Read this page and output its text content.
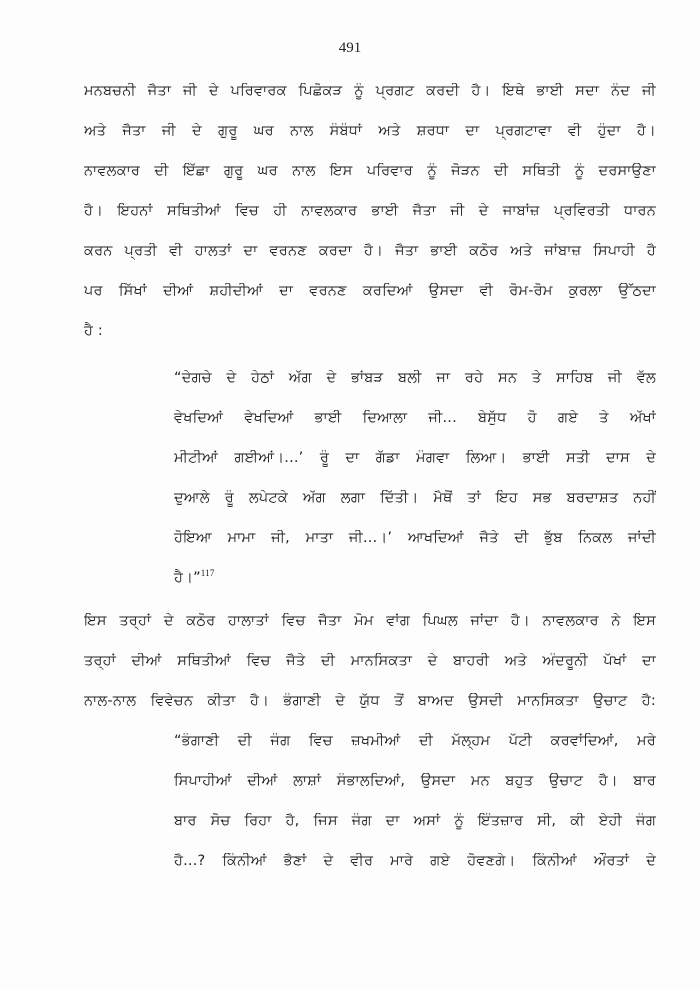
491
ਮਨਬਚਨੀ ਜੈਤਾ ਜੀ ਦੇ ਪਰਿਵਾਰਕ ਪਿਛੋਕੜ ਨੂੰ ਪ੍ਰਗਟ ਕਰਦੀ ਹੈ। ਇਥੇ ਭਾਈ ਸਦਾ ਨੰਦ ਜੀ
ਅਤੇ ਜੈਤਾ ਜੀ ਦੇ ਗੁਰੂ ਘਰ ਨਾਲ ਸੰਬੰਧਾਂ ਅਤੇ ਸ਼ਰਧਾ ਦਾ ਪ੍ਰਗਟਾਵਾ ਵੀ ਹੁੰਦਾ ਹੈ।
ਨਾਵਲਕਾਰ ਦੀ ਇੱਛਾ ਗੁਰੂ ਘਰ ਨਾਲ ਇਸ ਪਰਿਵਾਰ ਨੂੰ ਜੋੜਨ ਦੀ ਸਥਿਤੀ ਨੂੰ ਦਰਸਾਉਣਾ
ਹੈ। ਇਹਨਾਂ ਸਥਿਤੀਆਂ ਵਿਚ ਹੀ ਨਾਵਲਕਾਰ ਭਾਈ ਜੈਤਾ ਜੀ ਦੇ ਜਾਬਾਂਜ਼ ਪ੍ਰਵਿਰਤੀ ਧਾਰਨ
ਕਰਨ ਪ੍ਰਤੀ ਵੀ ਹਾਲਤਾਂ ਦਾ ਵਰਨਣ ਕਰਦਾ ਹੈ। ਜੈਤਾ ਭਾਈ ਕਠੋਰ ਅਤੇ ਜਾਂਬਾਜ਼ ਸਿਪਾਹੀ ਹੈ
ਪਰ ਸਿੱਖਾਂ ਦੀਆਂ ਸ਼ਹੀਦੀਆਂ ਦਾ ਵਰਨਣ ਕਰਦਿਆਂ ਉਸਦਾ ਵੀ ਰੋਮ-ਰੋਮ ਕੁਰਲਾ ਉੱਠਦਾ
ਹੈ :
“ਦੇਗਚੇ ਦੇ ਹੇਠਾਂ ਅੱਗ ਦੇ ਭਾਂਬੜ ਬਲੀ ਜਾ ਰਹੇ ਸਨ ਤੇ ਸਾਹਿਬ ਜੀ ਵੱਲ
ਵੇਖਦਿਆਂ ਵੇਖਦਿਆਂ ਭਾਈ ਦਿਆਲਾ ਜੀ... ਬੇਸੁੱਧ ਹੋ ਗਏ ਤੇ ਅੱਖਾਂ
ਮੀਟੀਆਂ ਗਈਆਂ।...’ ਰੂੰ ਦਾ ਗੱਡਾ ਮੰਗਵਾ ਲਿਆ। ਭਾਈ ਸਤੀ ਦਾਸ ਦੇ
ਦੁਆਲੇ ਰੂੰ ਲਪੇਟਕੇ ਅੱਗ ਲਗਾ ਦਿੱਤੀ। ਮੈਥੋਂ ਤਾਂ ਇਹ ਸਭ ਬਰਦਾਸ਼ਤ ਨਹੀਂ
ਹੋਇਆ ਮਾਮਾ ਜੀ, ਮਾਤਾ ਜੀ...।’ ਆਖਦਿਆਂ ਜੈਤੇ ਦੀ ਭੁੱਬ ਨਿਕਲ ਜਾਂਦੀ
ਹੈ।”$^{117}$
ਇਸ ਤਰ੍ਹਾਂ ਦੇ ਕਠੋਰ ਹਾਲਾਤਾਂ ਵਿਚ ਜੈਤਾ ਮੋਮ ਵਾਂਗ ਪਿਘਲ ਜਾਂਦਾ ਹੈ। ਨਾਵਲਕਾਰ ਨੇ ਇਸ
ਤਰ੍ਹਾਂ ਦੀਆਂ ਸਥਿਤੀਆਂ ਵਿਚ ਜੈਤੇ ਦੀ ਮਾਨਸਿਕਤਾ ਦੇ ਬਾਹਰੀ ਅਤੇ ਅੰਦਰੂਨੀ ਪੱਖਾਂ ਦਾ
ਨਾਲ-ਨਾਲ ਵਿਵੇਚਨ ਕੀਤਾ ਹੈ। ਭੰਗਾਣੀ ਦੇ ਯੁੱਧ ਤੋਂ ਬਾਅਦ ਉਸਦੀ ਮਾਨਸਿਕਤਾ ਉਚਾਟ ਹੈ:
“ਭੰਗਾਣੀ ਦੀ ਜੰਗ ਵਿਚ ਜ਼ਖਮੀਆਂ ਦੀ ਮੱਲ੍ਹਮ ਪੱਟੀ ਕਰਵਾਂਦਿਆਂ, ਮਰੇ
ਸਿਪਾਹੀਆਂ ਦੀਆਂ ਲਾਸ਼ਾਂ ਸੰਭਾਲਦਿਆਂ, ਉਸਦਾ ਮਨ ਬਹੁਤ ਉਚਾਟ ਹੈ। ਬਾਰ
ਬਾਰ ਸੋਚ ਰਿਹਾ ਹੈ, ਜਿਸ ਜੰਗ ਦਾ ਅਸਾਂ ਨੂੰ ਇੰਤਜ਼ਾਰ ਸੀ, ਕੀ ਏਹੀ ਜੰਗ
ਹੈ...? ਕਿੰਨੀਆਂ ਭੈਣਾਂ ਦੇ ਵੀਰ ਮਾਰੇ ਗਏ ਹੋਵਣਗੇ। ਕਿੰਨੀਆਂ ਔਰਤਾਂ ਦੇ
